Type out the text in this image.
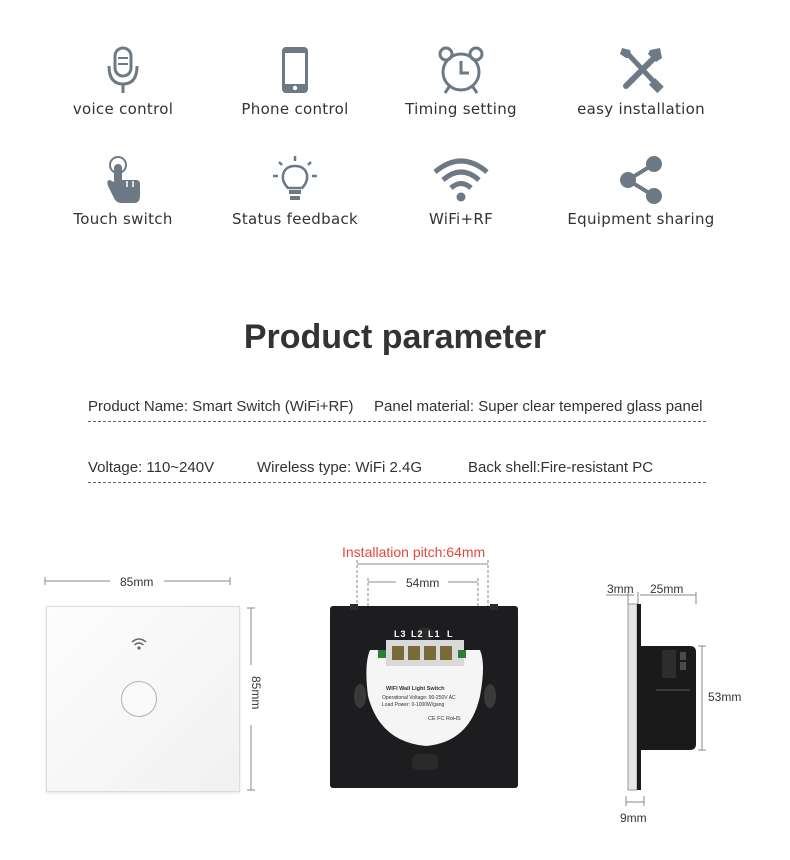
voice control	Phone control	Timing setting	easy installation
Touch switch	Status feedback	WiFi+RF	Equipment sharing
Product parameter
Product Name: Smart Switch (WiFi+RF) Panel material: Super clear tempered glass panel
Voltage: 110~240V	Wireless type: WiFi 2.4G	Back shell:Fire-resistant PC
85mm
85mm
Installation pitch:64mm
54mm
WIFI Wall Light Switch
Operational Voltage: 90-250V AC
Load Power: 0-1000W/gang
CE FC RoHS
L3 L2 L1 L
3mm 25mm
53mm
9mm
